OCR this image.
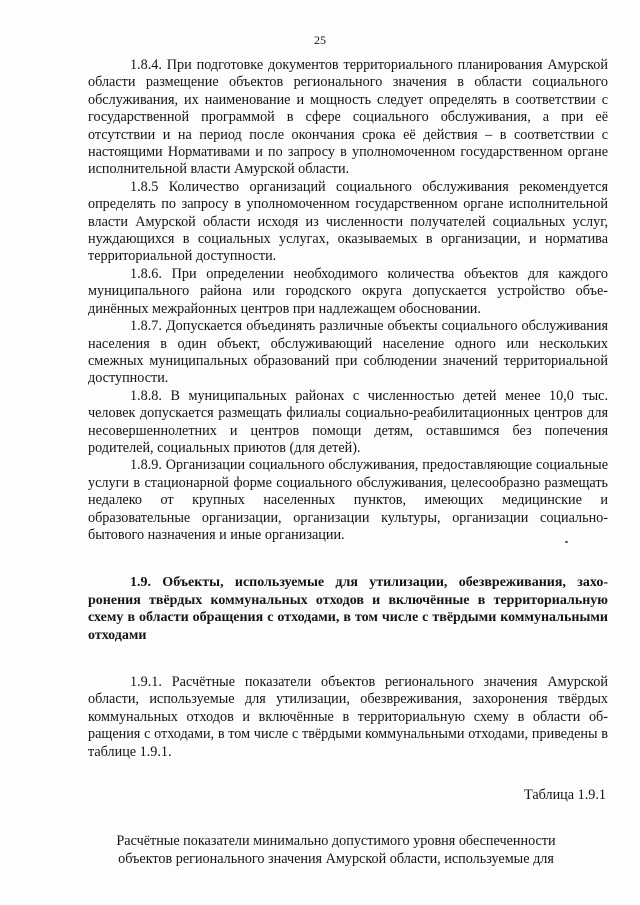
25

1.8.4. При подготовке документов территориального планирования Амурской области размещение объектов регионального значения в области социального обслуживания, их наименование и мощность следует определять в соответствии с государственной программой в сфере социального обслуживания, а при её отсутствии и на период после окончания срока её действия – в соответствии с настоящими Нормативами и по запросу в уполномоченном государственном органе исполнительной власти Амурской области.

1.8.5 Количество организаций социального обслуживания рекомендуется определять по запросу в уполномоченном государственном органе исполнительной власти Амурской области исходя из численности получателей социальных услуг, нуждающихся в социальных услугах, оказываемых в организации, и норматива территориальной доступности.

1.8.6. При определении необходимого количества объектов для каждого муниципального района или городского округа допускается устройство объединённых межрайонных центров при надлежащем обосновании.

1.8.7. Допускается объединять различные объекты социального обслуживания населения в один объект, обслуживающий население одного или нескольких смежных муниципальных образований при соблюдении значений территориальной доступности.

1.8.8. В муниципальных районах с численностью детей менее 10,0 тыс. человек допускается размещать филиалы социально-реабилитационных центров для несовершеннолетних и центров помощи детям, оставшимся без попечения родителей, социальных приютов (для детей).

1.8.9. Организации социального обслуживания, предоставляющие социальные услуги в стационарной форме социального обслуживания, целесообразно размещать недалеко от крупных населенных пунктов, имеющих медицинские и образовательные организации, организации культуры, организации социально-бытового назначения и иные организации.

1.9. Объекты, используемые для утилизации, обезвреживания, захоронения твёрдых коммунальных отходов и включённые в территориальную схему в области обращения с отходами, в том числе с твёрдыми коммунальными отходами

1.9.1. Расчётные показатели объектов регионального значения Амурской области, используемые для утилизации, обезвреживания, захоронения твёрдых коммунальных отходов и включённые в территориальную схему в области обращения с отходами, в том числе с твёрдыми коммунальными отходами, приведены в таблице 1.9.1.

Таблица 1.9.1

Расчётные показатели минимально допустимого уровня обеспеченности
объектов регионального значения Амурской области, используемые для
